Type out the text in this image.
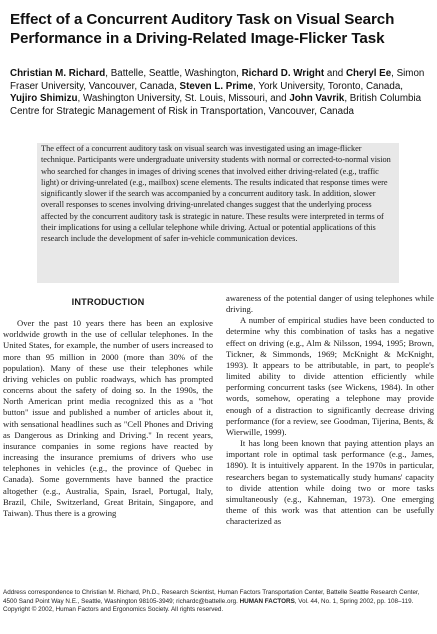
Effect of a Concurrent Auditory Task on Visual Search Performance in a Driving-Related Image-Flicker Task
Christian M. Richard, Battelle, Seattle, Washington, Richard D. Wright and Cheryl Ee, Simon Fraser University, Vancouver, Canada, Steven L. Prime, York University, Toronto, Canada, Yujiro Shimizu, Washington University, St. Louis, Missouri, and John Vavrik, British Columbia Centre for Strategic Management of Risk in Transportation, Vancouver, Canada

The effect of a concurrent auditory task on visual search was investigated using an image-flicker technique. Participants were undergraduate university students with normal or corrected-to-normal vision who searched for changes in images of driving scenes that involved either driving-related (e.g., traffic light) or driving-unrelated (e.g., mailbox) scene elements. The results indicated that response times were significantly slower if the search was accompanied by a concurrent auditory task. In addition, slower overall responses to scenes involving driving-unrelated changes suggest that the underlying process affected by the concurrent auditory task is strategic in nature. These results were interpreted in terms of their implications for using a cellular telephone while driving. Actual or potential applications of this research include the development of safer in-vehicle communication devices.

INTRODUCTION

Over the past 10 years there has been an explosive worldwide growth in the use of cellular telephones. In the United States, for example, the number of users increased to more than 95 million in 2000 (more than 30% of the population). Many of these use their telephones while driving vehicles on public roadways, which has prompted concerns about the safety of doing so. In the 1990s, the North American print media recognized this as a "hot button" issue and published a number of articles about it, with sensational headlines such as "Cell Phones and Driving as Dangerous as Drinking and Driving." In recent years, insurance companies in some regions have reacted by increasing the insurance premiums of drivers who use telephones in vehicles (e.g., the province of Quebec in Canada). Some governments have banned the practice altogether (e.g., Australia, Spain, Israel, Portugal, Italy, Brazil, Chile, Switzerland, Great Britain, Singapore, and Taiwan). Thus there is a growing

awareness of the potential danger of using telephones while driving.

A number of empirical studies have been conducted to determine why this combination of tasks has a negative effect on driving (e.g., Alm & Nilsson, 1994, 1995; Brown, Tickner, & Simmonds, 1969; McKnight & McKnight, 1993). It appears to be attributable, in part, to people's limited ability to divide attention efficiently while performing concurrent tasks (see Wickens, 1984). In other words, somehow, operating a telephone may provide enough of a distraction to significantly decrease driving performance (for a review, see Goodman, Tijerina, Bents, & Wierwille, 1999).

It has long been known that paying attention plays an important role in optimal task performance (e.g., James, 1890). It is intuitively apparent. In the 1970s in particular, researchers began to systematically study humans' capacity to divide attention while doing two or more tasks simultaneously (e.g., Kahneman, 1973). One emerging theme of this work was that attention can be usefully characterized as

Address correspondence to Christian M. Richard, Ph.D., Research Scientist, Human Factors Transportation Center, Battelle Seattle Research Center, 4500 Sand Point Way N.E., Seattle, Washington 98105-3949; richardc@battelle.org. HUMAN FACTORS, Vol. 44, No. 1, Spring 2002, pp. 108–119. Copyright © 2002, Human Factors and Ergonomics Society. All rights reserved.
